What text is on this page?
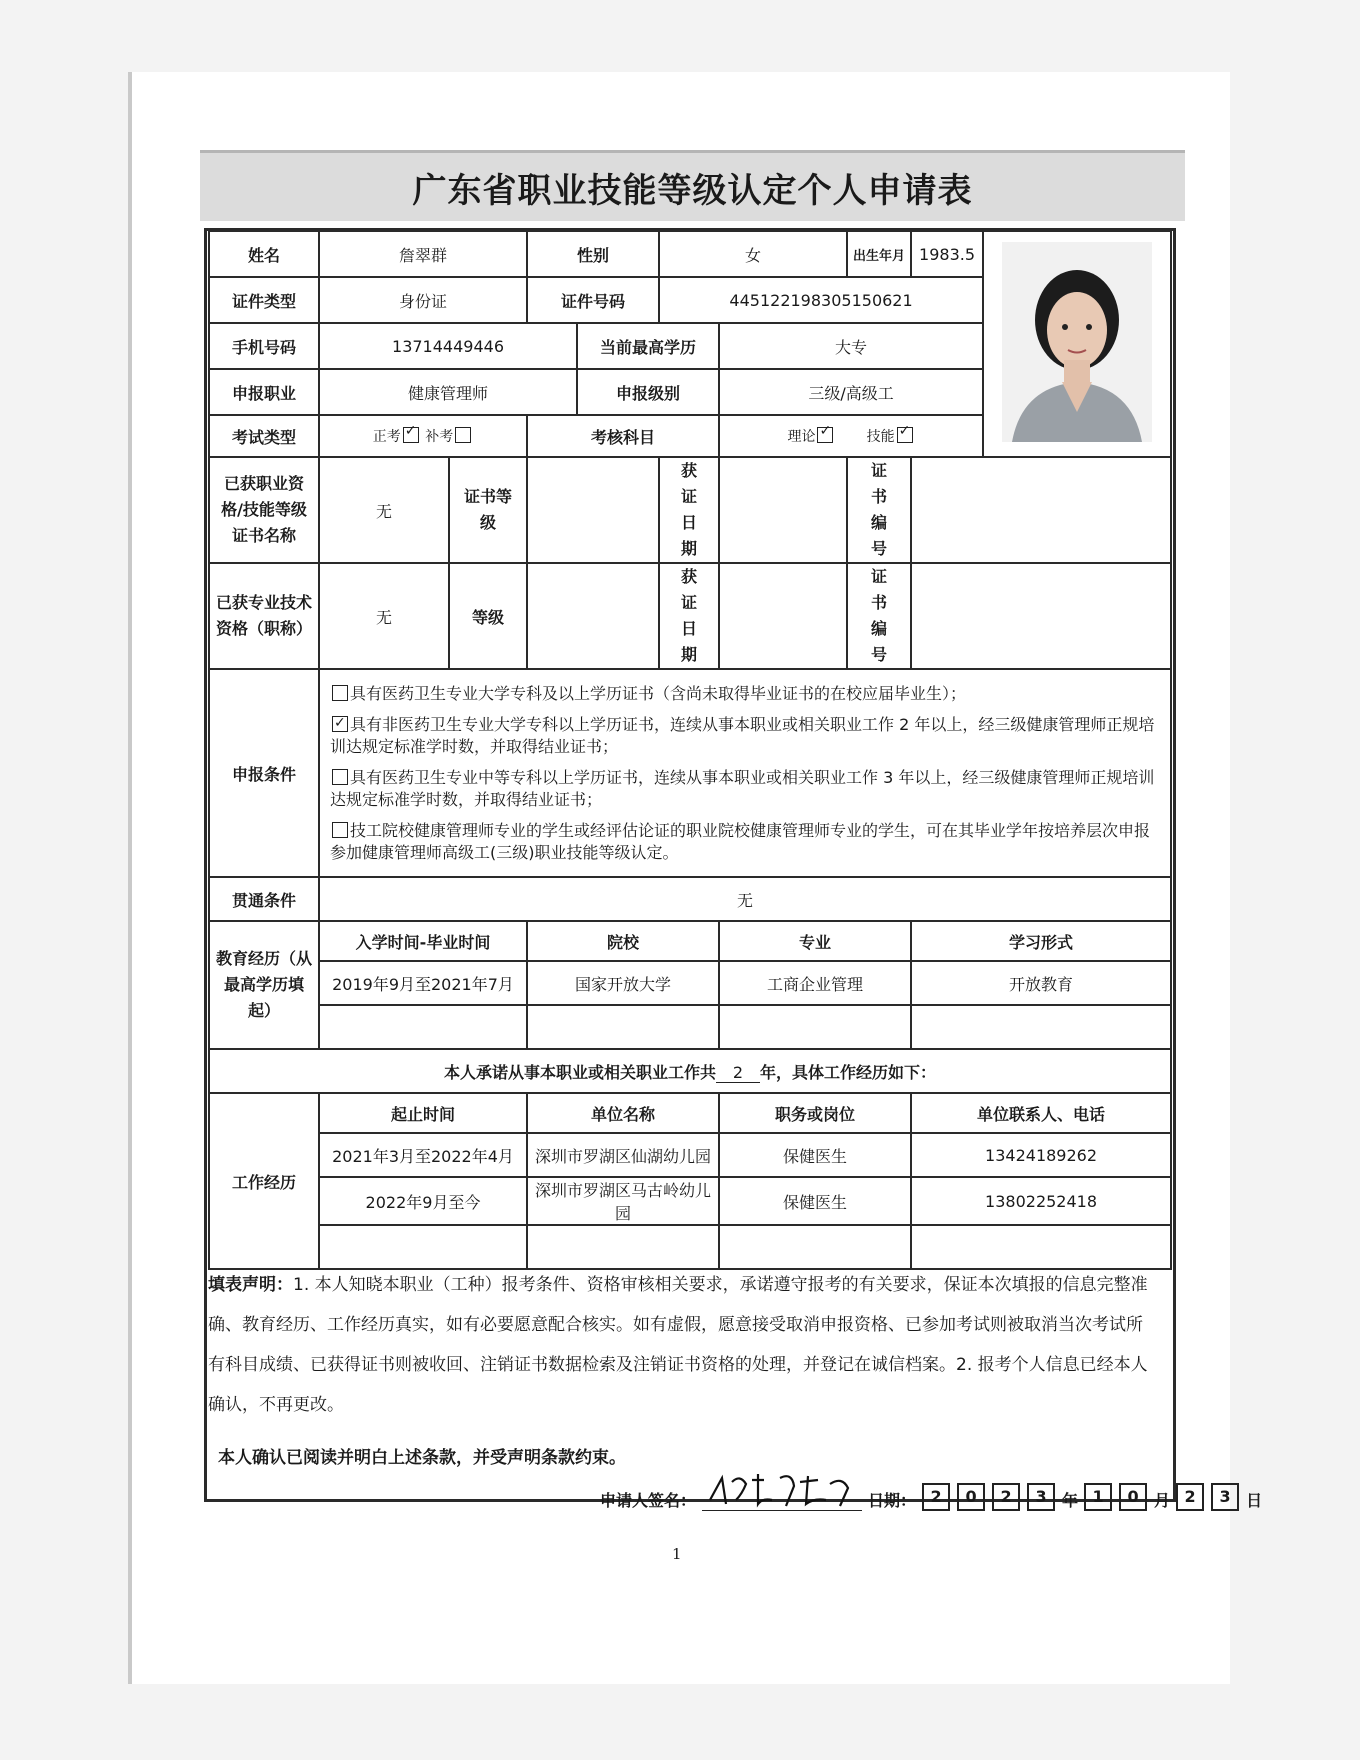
广东省职业技能等级认定个人申请表
姓名	詹翠群		性别		女		出生年月	1983.5	
证件类型	身份证		证件号码		445122198305150621				
手机号码	13714449446			当前最高学历		大专			
申报职业	健康管理师			申报级别		三级/高级工			
考试类型	正考 ✓ 补考		考核科目			理论 ✓ 技能✓
已获职业资格/技能等级证书名称	无	证书等级			获证日期		证书编号		
已获专业技术资格（职称）	无	等级			获证日期		证书编号		
申报条件	具有医药卫生专业大学专科及以上学历证书（含尚未取得毕业证书的在校应届毕业生）；

✓具有非医药卫生专业大学专科以上学历证书，连续从事本职业或相关职业工作 2 年以上，经三级健康管理师正规培训达规定标准学时数，并取得结业证书；

具有医药卫生专业中等专科以上学历证书，连续从事本职业或相关职业工作 3 年以上，经三级健康管理师正规培训达规定标准学时数，并取得结业证书；

技工院校健康管理师专业的学生或经评估论证的职业院校健康管理师专业的学生，可在其毕业学年按培养层次申报参加健康管理师高级工(三级)职业技能等级认定。

贯通条件	无								
教育经历（从最高学历填起）	入学时间-毕业时间		院校			专业		学习形式	
	2019年9月至2021年7月		国家开放大学			工商企业管理		开放教育	

本人承诺从事本职业或相关职业工作共 2 年，具体工作经历如下：									
工作经历	起止时间		单位名称			职务或岗位		单位联系人、电话	
	2021年3月至2022年4月		深圳市罗湖区仙湖幼儿园			保健医生		13424189262	
	2022年9月至今		深圳市罗湖区马古岭幼儿园			保健医生		13802252418	

填表声明：1. 本人知晓本职业（工种）报考条件、资格审核相关要求，承诺遵守报考的有关要求，保证本次填报的信息完整准确、教育经历、工作经历真实，如有必要愿意配合核实。如有虚假，愿意接受取消申报资格、已参加考试则被取消当次考试所有科目成绩、已获得证书则被收回、注销证书数据检索及注销证书资格的处理，并登记在诚信档案。2. 报考个人信息已经本人确认，不再更改。
本人确认已阅读并明白上述条款，并受声明条款约束。
申请人签名：	日期： 2	0	2	3 年 1	0 月 2	3 日
1
